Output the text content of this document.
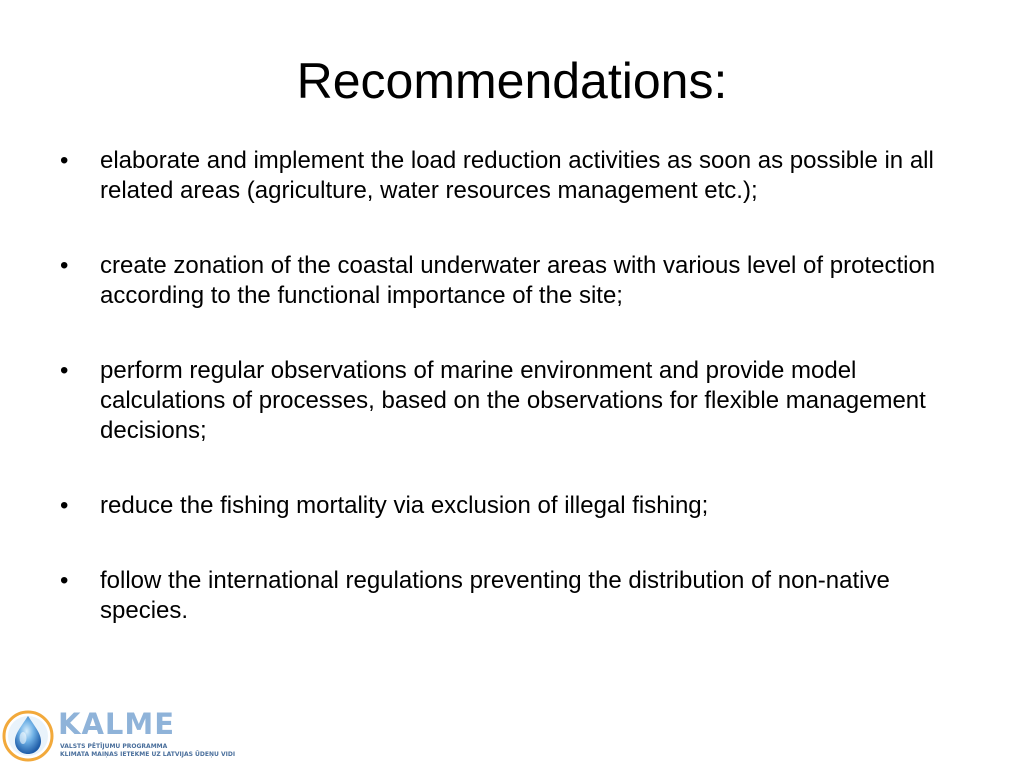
Recommendations:
•	elaborate and implement the load reduction activities as soon as possible in all related areas (agriculture, water resources management etc.);
•	create zonation of the coastal underwater areas with various level of protection according to the functional importance of the site;
•	perform regular observations of marine environment and provide model calculations of processes, based on the observations for flexible management decisions;
•	reduce the fishing mortality via exclusion of illegal fishing;
•	follow the international regulations preventing the distribution of non-native species.
KALME
VALSTS PĒTĪJUMU PROGRAMMA
KLIMATA MAIŅAS IETEKME UZ LATVIJAS ŪDEŅU VIDI
